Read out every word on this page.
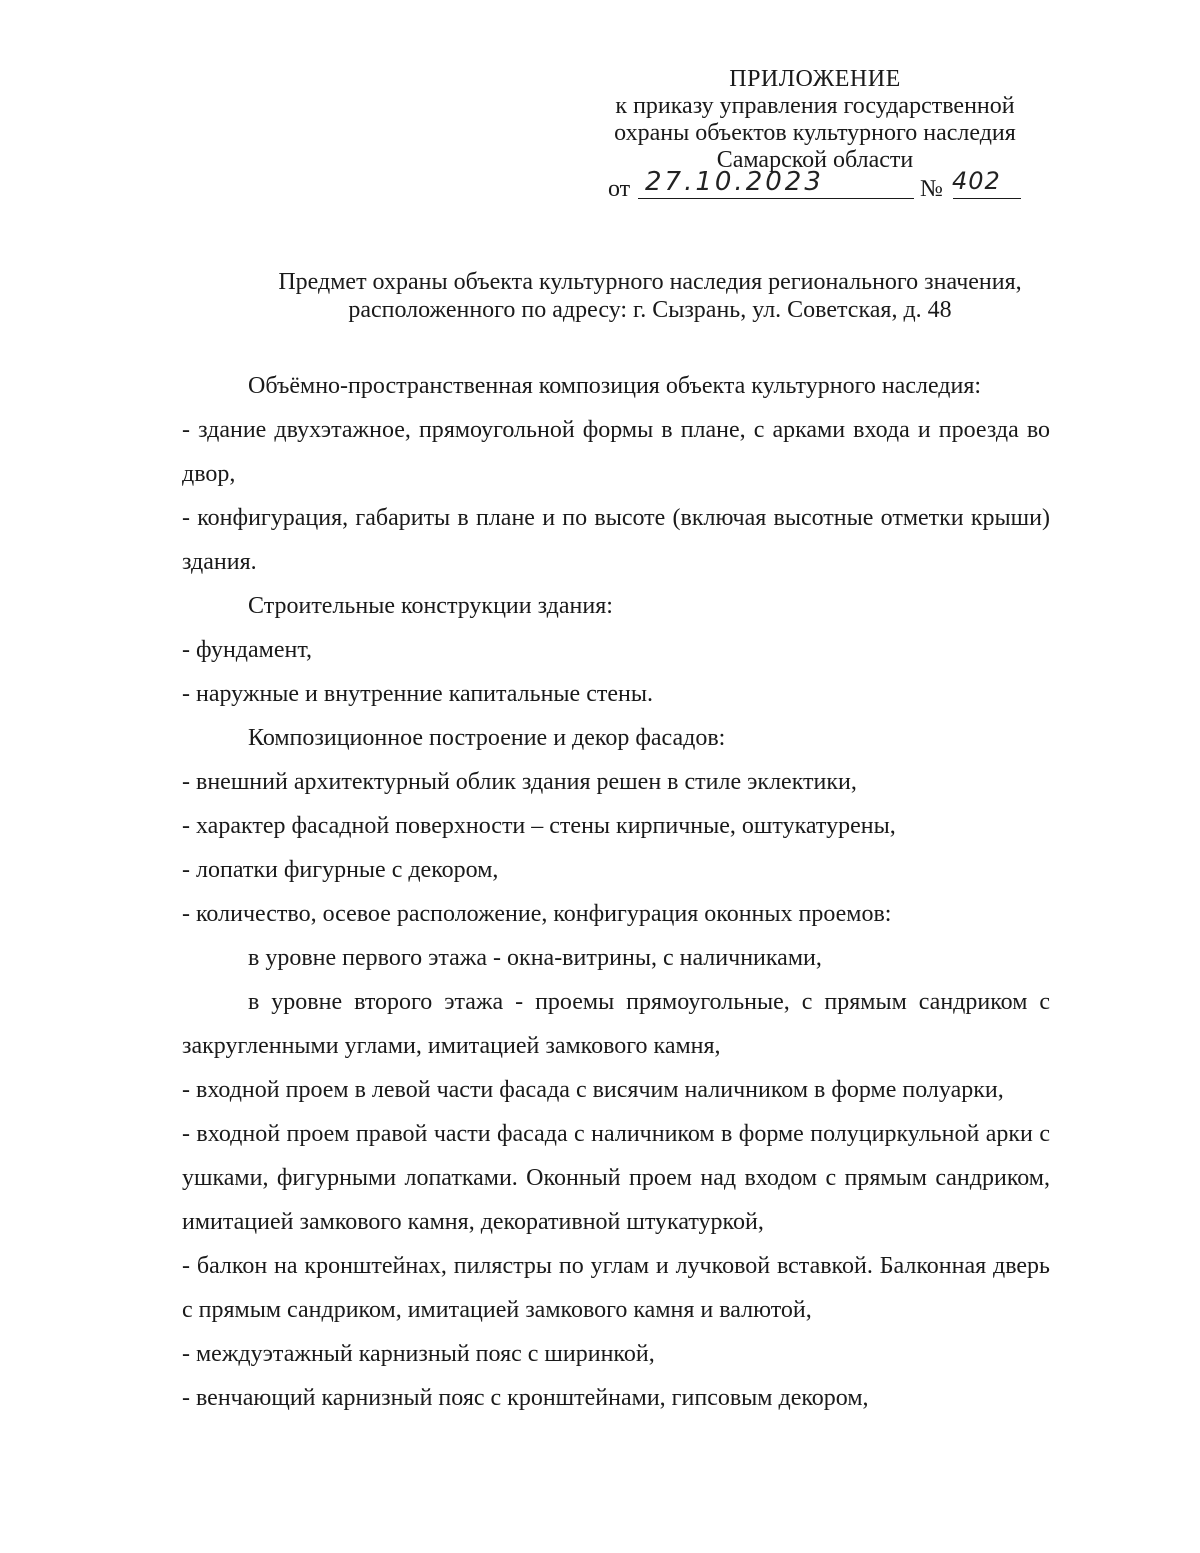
ПРИЛОЖЕНИЕ
к приказу управления государственной
охраны объектов культурного наследия
Самарской области
от 27.10.2023	№ 402
Предмет охраны объекта культурного наследия регионального значения,
расположенного по адресу: г. Сызрань, ул. Советская, д. 48

Объёмно-пространственная композиция объекта культурного наследия:

- здание двухэтажное, прямоугольной формы в плане, с арками входа и проезда во двор,

- конфигурация, габариты в плане и по высоте (включая высотные отметки крыши) здания.

Строительные конструкции здания:

- фундамент,

- наружные и внутренние капитальные стены.

Композиционное построение и декор фасадов:

- внешний архитектурный облик здания решен в стиле эклектики,

- характер фасадной поверхности – стены кирпичные, оштукатурены,

- лопатки фигурные с декором,

- количество, осевое расположение, конфигурация оконных проемов:

в уровне первого этажа - окна-витрины, с наличниками,

в уровне второго этажа - проемы прямоугольные, с прямым сандриком с закругленными углами, имитацией замкового камня,

- входной проем в левой части фасада с висячим наличником в форме полуарки,

- входной проем правой части фасада с наличником в форме полуциркульной арки с ушками, фигурными лопатками. Оконный проем над входом с прямым сандриком, имитацией замкового камня, декоративной штукатуркой,

- балкон на кронштейнах, пилястры по углам и лучковой вставкой. Балконная дверь с прямым сандриком, имитацией замкового камня и валютой,

- междуэтажный карнизный пояс с ширинкой,

- венчающий карнизный пояс с кронштейнами, гипсовым декором,
